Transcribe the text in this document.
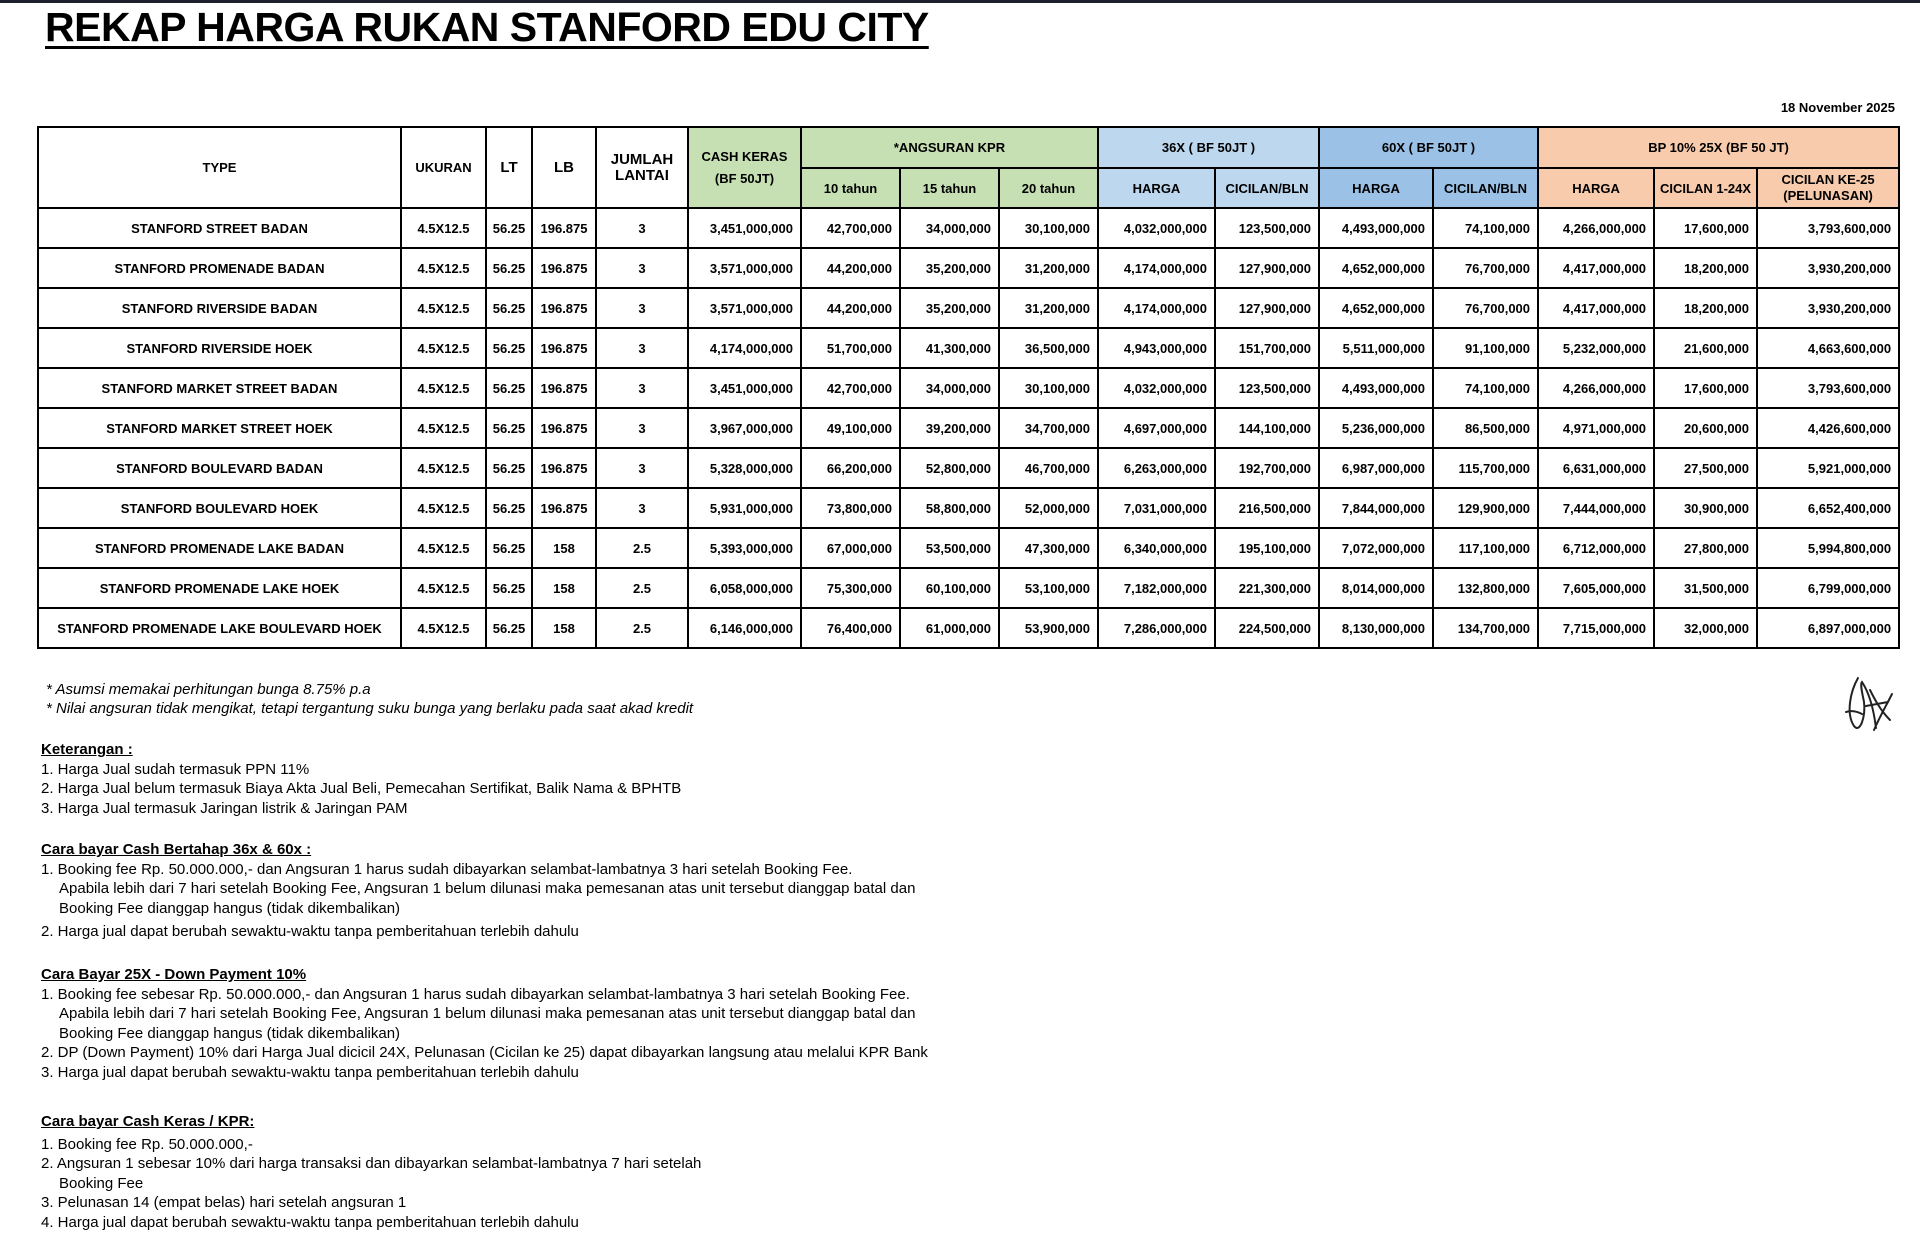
REKAP HARGA RUKAN STANFORD EDU CITY
18 November 2025
TYPE	UKURAN	LT	LB	JUMLAH LANTAI	CASH KERAS (BF 50JT)	*ANGSURAN KPR			36X ( BF 50JT )		60X ( BF 50JT )		BP 10% 25X (BF 50 JT)		
						10 tahun	15 tahun	20 tahun	HARGA	CICILAN/BLN	HARGA	CICILAN/BLN	HARGA	CICILAN 1-24X	CICILAN KE-25 (PELUNASAN)
STANFORD STREET BADAN	4.5X12.5	56.25	196.875	3	3,451,000,000	42,700,000	34,000,000	30,100,000	4,032,000,000	123,500,000	4,493,000,000	74,100,000	4,266,000,000	17,600,000	3,793,600,000
STANFORD PROMENADE BADAN	4.5X12.5	56.25	196.875	3	3,571,000,000	44,200,000	35,200,000	31,200,000	4,174,000,000	127,900,000	4,652,000,000	76,700,000	4,417,000,000	18,200,000	3,930,200,000
STANFORD RIVERSIDE BADAN	4.5X12.5	56.25	196.875	3	3,571,000,000	44,200,000	35,200,000	31,200,000	4,174,000,000	127,900,000	4,652,000,000	76,700,000	4,417,000,000	18,200,000	3,930,200,000
STANFORD RIVERSIDE HOEK	4.5X12.5	56.25	196.875	3	4,174,000,000	51,700,000	41,300,000	36,500,000	4,943,000,000	151,700,000	5,511,000,000	91,100,000	5,232,000,000	21,600,000	4,663,600,000
STANFORD MARKET STREET BADAN	4.5X12.5	56.25	196.875	3	3,451,000,000	42,700,000	34,000,000	30,100,000	4,032,000,000	123,500,000	4,493,000,000	74,100,000	4,266,000,000	17,600,000	3,793,600,000
STANFORD MARKET STREET HOEK	4.5X12.5	56.25	196.875	3	3,967,000,000	49,100,000	39,200,000	34,700,000	4,697,000,000	144,100,000	5,236,000,000	86,500,000	4,971,000,000	20,600,000	4,426,600,000
STANFORD BOULEVARD BADAN	4.5X12.5	56.25	196.875	3	5,328,000,000	66,200,000	52,800,000	46,700,000	6,263,000,000	192,700,000	6,987,000,000	115,700,000	6,631,000,000	27,500,000	5,921,000,000
STANFORD BOULEVARD HOEK	4.5X12.5	56.25	196.875	3	5,931,000,000	73,800,000	58,800,000	52,000,000	7,031,000,000	216,500,000	7,844,000,000	129,900,000	7,444,000,000	30,900,000	6,652,400,000
STANFORD PROMENADE LAKE BADAN	4.5X12.5	56.25	158	2.5	5,393,000,000	67,000,000	53,500,000	47,300,000	6,340,000,000	195,100,000	7,072,000,000	117,100,000	6,712,000,000	27,800,000	5,994,800,000
STANFORD PROMENADE LAKE HOEK	4.5X12.5	56.25	158	2.5	6,058,000,000	75,300,000	60,100,000	53,100,000	7,182,000,000	221,300,000	8,014,000,000	132,800,000	7,605,000,000	31,500,000	6,799,000,000
STANFORD PROMENADE LAKE BOULEVARD HOEK	4.5X12.5	56.25	158	2.5	6,146,000,000	76,400,000	61,000,000	53,900,000	7,286,000,000	224,500,000	8,130,000,000	134,700,000	7,715,000,000	32,000,000	6,897,000,000
* Asumsi memakai perhitungan bunga 8.75% p.a
* Nilai angsuran tidak mengikat, tetapi tergantung suku bunga yang berlaku pada saat akad kredit
Keterangan :
1. Harga Jual sudah termasuk PPN 11%
2. Harga Jual belum termasuk Biaya Akta Jual Beli, Pemecahan Sertifikat, Balik Nama & BPHTB
3. Harga Jual termasuk Jaringan listrik & Jaringan PAM
Cara bayar Cash Bertahap 36x & 60x :
1. Booking fee Rp. 50.000.000,- dan Angsuran 1 harus sudah dibayarkan selambat-lambatnya 3 hari setelah Booking Fee.
Apabila lebih dari 7 hari setelah Booking Fee, Angsuran 1 belum dilunasi maka pemesanan atas unit tersebut dianggap batal dan
Booking Fee dianggap hangus (tidak dikembalikan)
2. Harga jual dapat berubah sewaktu-waktu tanpa pemberitahuan terlebih dahulu
Cara Bayar 25X - Down Payment 10%
1. Booking fee sebesar Rp. 50.000.000,- dan Angsuran 1 harus sudah dibayarkan selambat-lambatnya 3 hari setelah Booking Fee.
Apabila lebih dari 7 hari setelah Booking Fee, Angsuran 1 belum dilunasi maka pemesanan atas unit tersebut dianggap batal dan
Booking Fee dianggap hangus (tidak dikembalikan)
2. DP (Down Payment) 10% dari Harga Jual dicicil 24X, Pelunasan (Cicilan ke 25) dapat dibayarkan langsung atau melalui KPR Bank
3. Harga jual dapat berubah sewaktu-waktu tanpa pemberitahuan terlebih dahulu
Cara bayar Cash Keras / KPR:
1. Booking fee Rp. 50.000.000,-
2. Angsuran 1 sebesar 10% dari harga transaksi dan dibayarkan selambat-lambatnya 7 hari setelah
Booking Fee
3. Pelunasan 14 (empat belas) hari setelah angsuran 1
4. Harga jual dapat berubah sewaktu-waktu tanpa pemberitahuan terlebih dahulu
